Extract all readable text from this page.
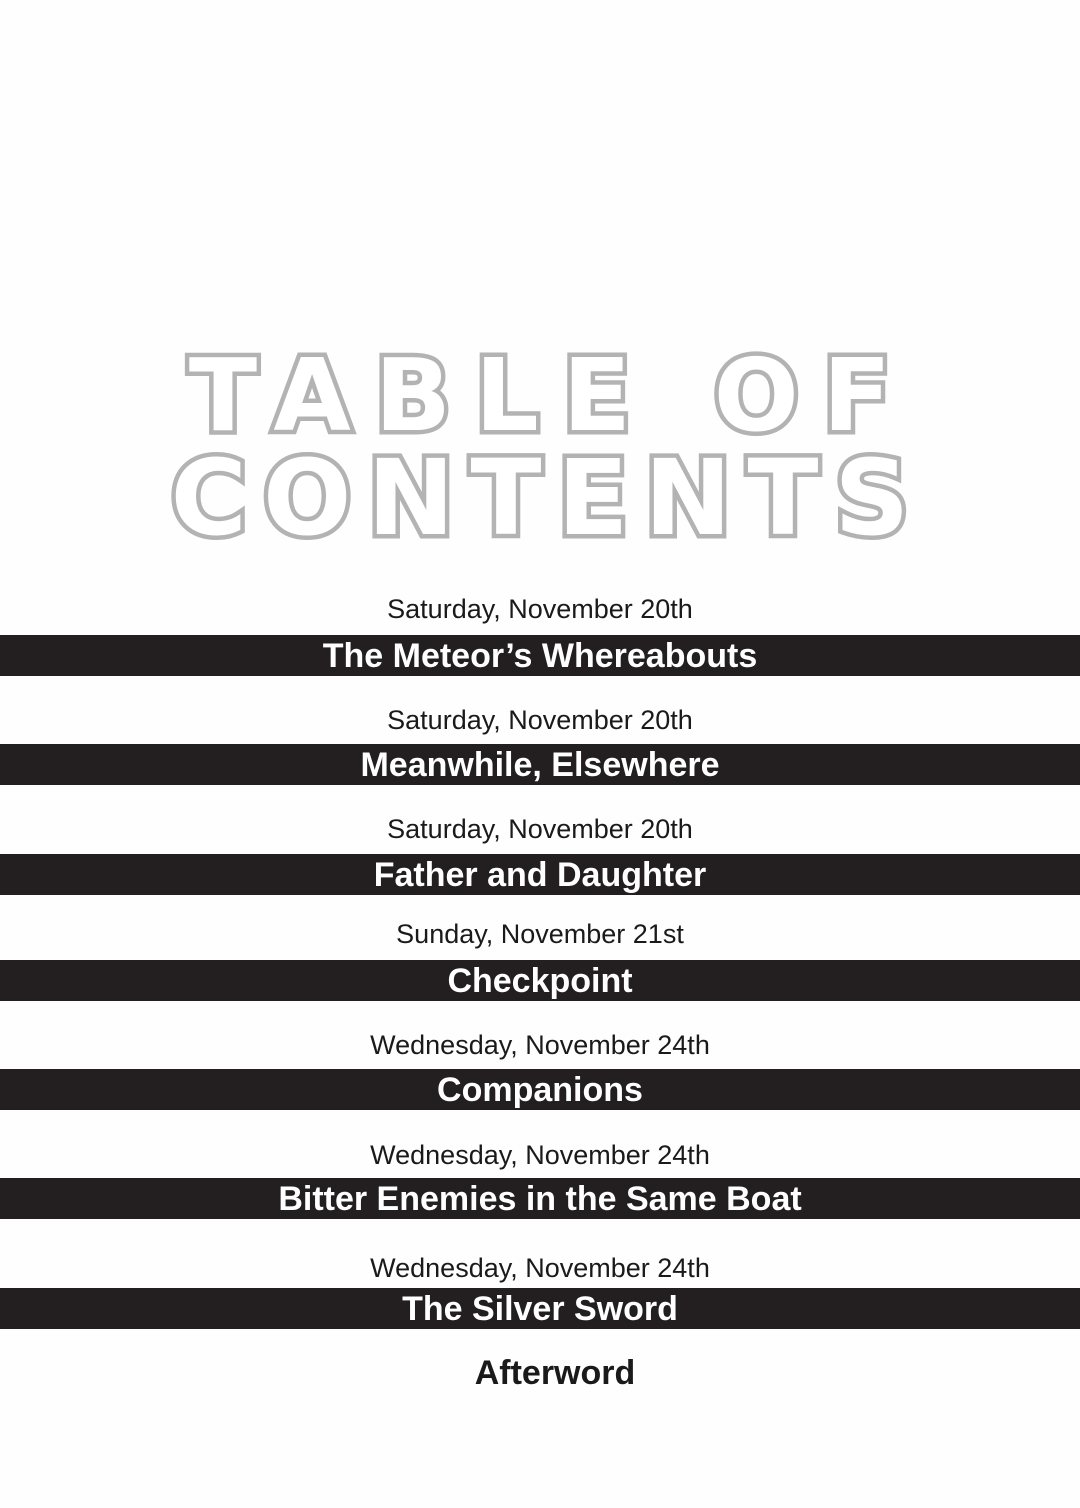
TABLE OF
CONTENTS
Saturday, November 20th
The Meteor’s Whereabouts
Saturday, November 20th
Meanwhile, Elsewhere
Saturday, November 20th
Father and Daughter
Sunday, November 21st
Checkpoint
Wednesday, November 24th
Companions
Wednesday, November 24th
Bitter Enemies in the Same Boat
Wednesday, November 24th
The Silver Sword
Afterword
